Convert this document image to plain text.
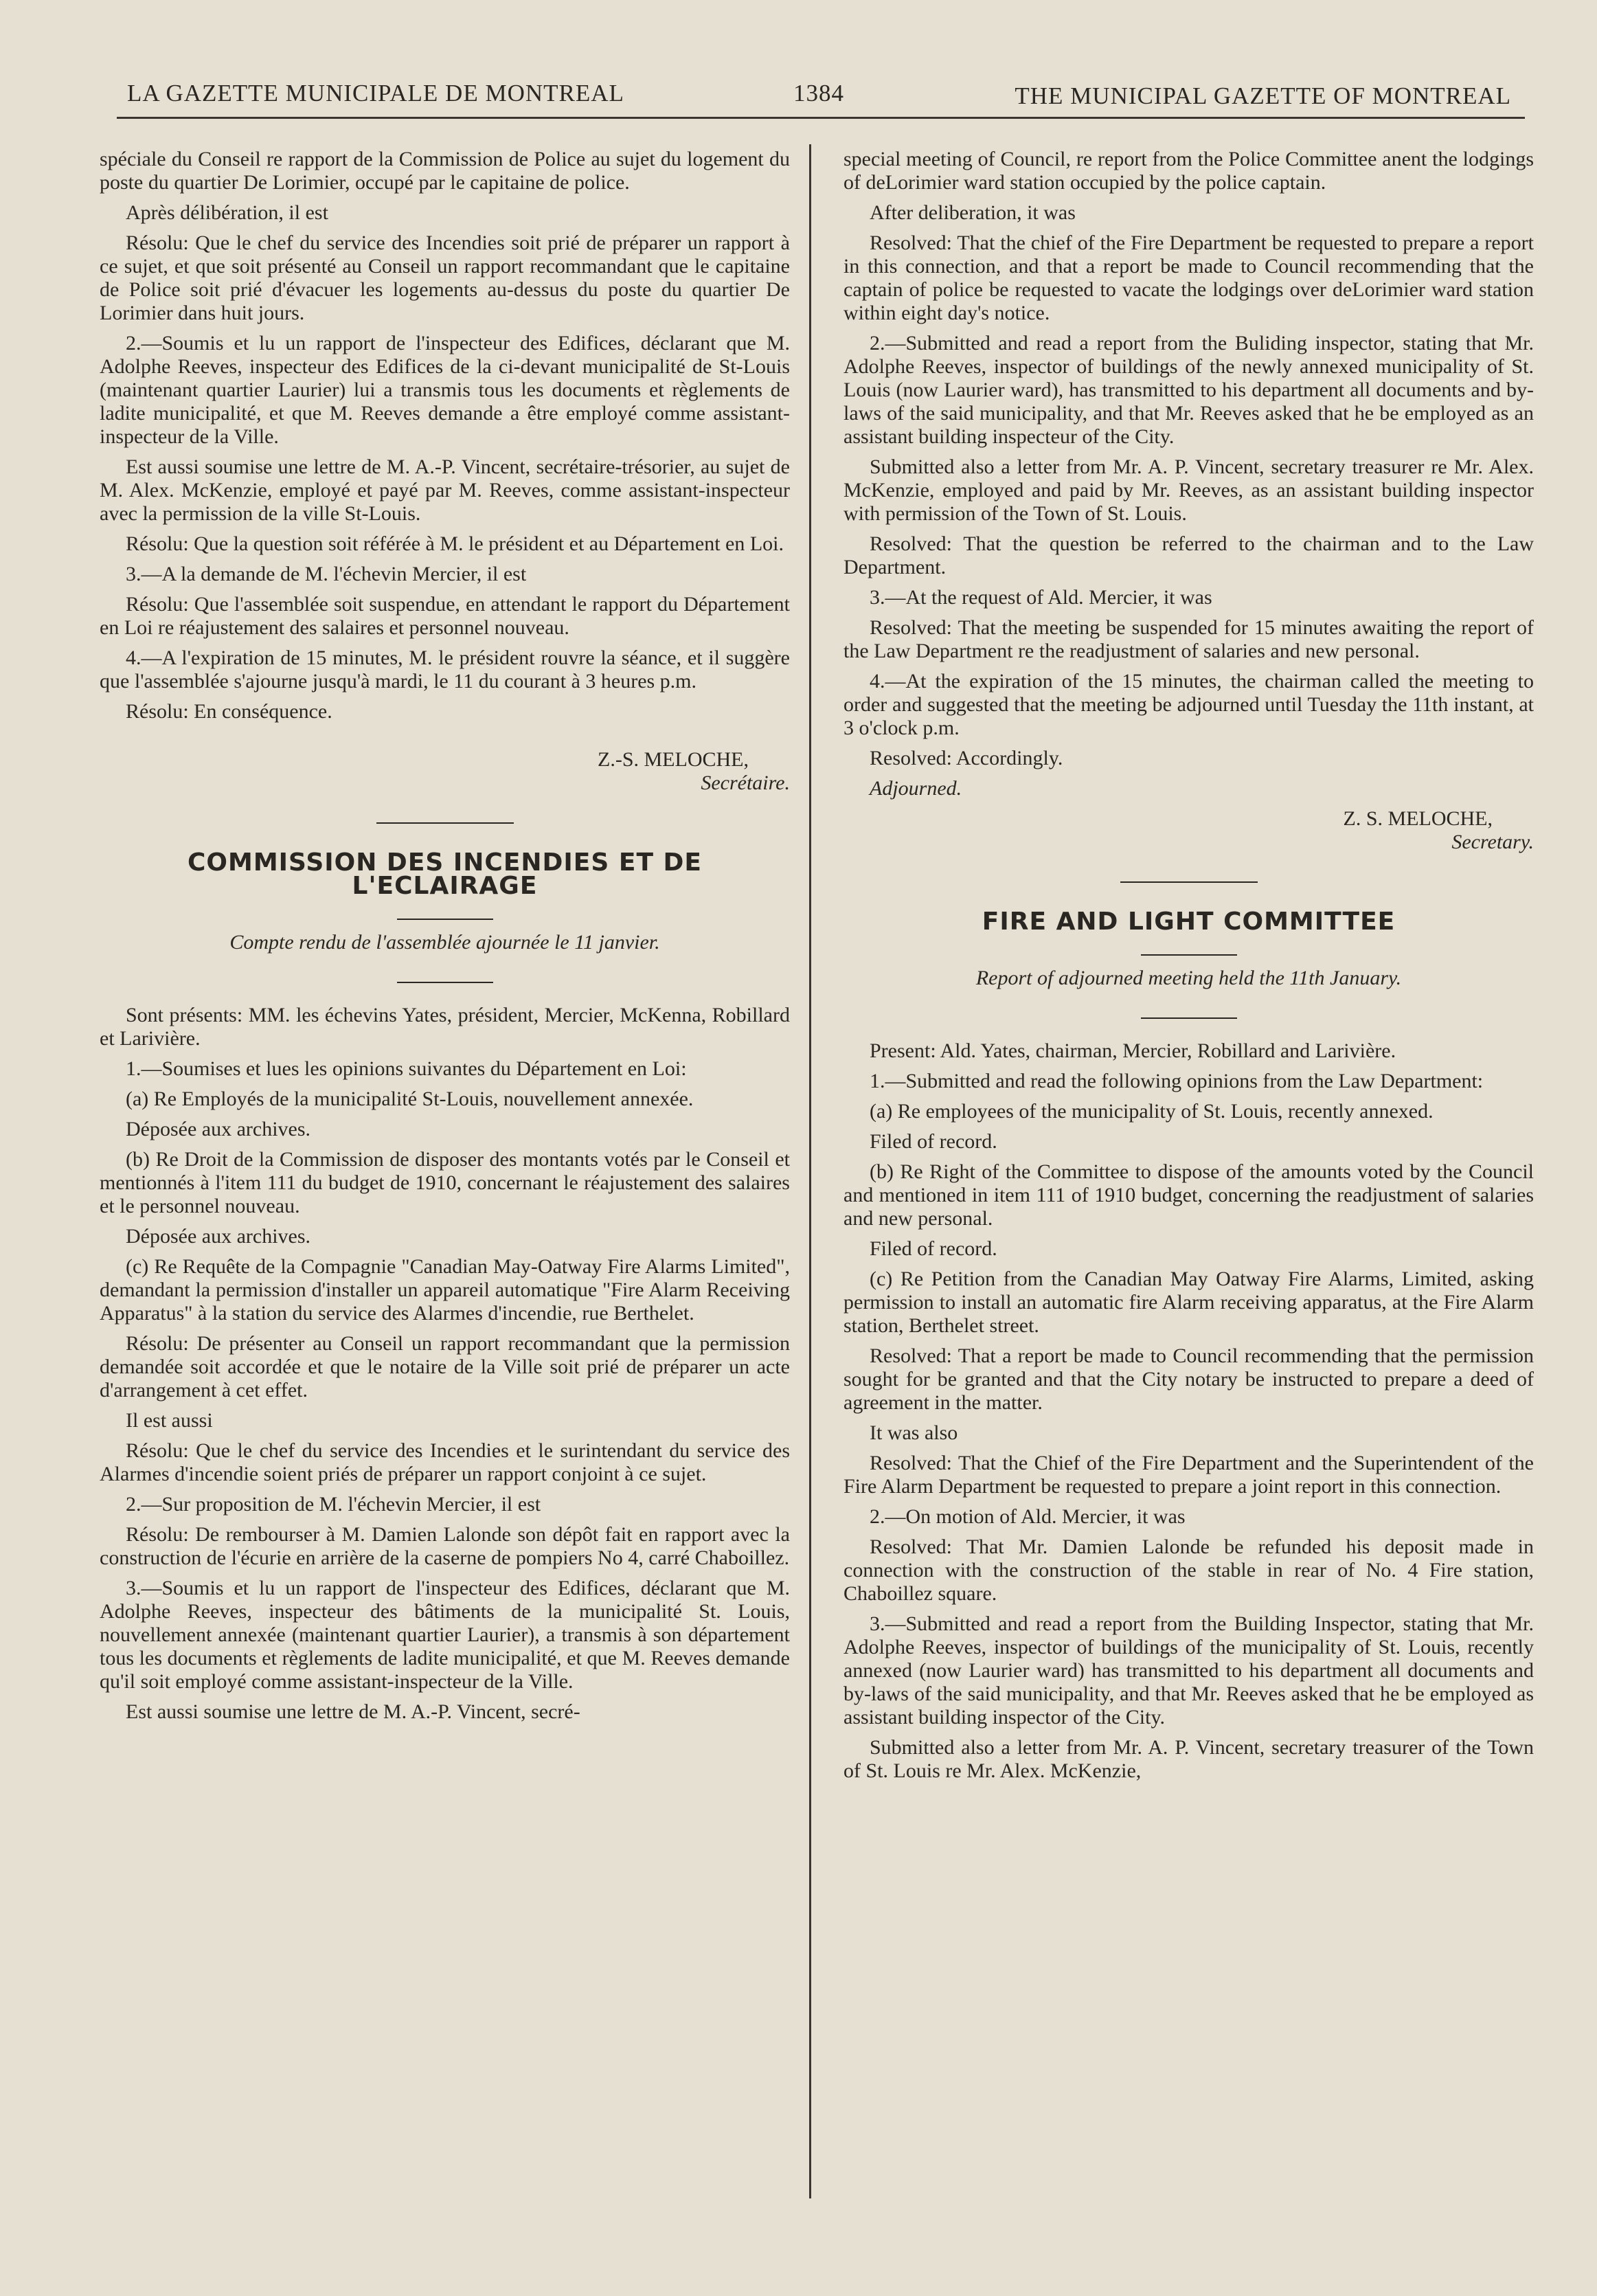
LA GAZETTE MUNICIPALE DE MONTREAL	1384	THE MUNICIPAL GAZETTE OF MONTREAL

spéciale du Conseil re rapport de la Commission de Police au sujet du logement du poste du quartier De Lorimier, occupé par le capitaine de police.

Après délibération, il est

Résolu: Que le chef du service des Incendies soit prié de préparer un rapport à ce sujet, et que soit présenté au Conseil un rapport recommandant que le capitaine de Police soit prié d'évacuer les logements au-dessus du poste du quartier De Lorimier dans huit jours.

2.—Soumis et lu un rapport de l'inspecteur des Edifices, déclarant que M. Adolphe Reeves, inspecteur des Edifices de la ci-devant municipalité de St-Louis (maintenant quartier Laurier) lui a transmis tous les documents et règlements de ladite municipalité, et que M. Reeves demande a être employé comme assistant-inspecteur de la Ville.

Est aussi soumise une lettre de M. A.-P. Vincent, secrétaire-trésorier, au sujet de M. Alex. McKenzie, employé et payé par M. Reeves, comme assistant-inspecteur avec la permission de la ville St-Louis.

Résolu: Que la question soit référée à M. le président et au Département en Loi.

3.—A la demande de M. l'échevin Mercier, il est

Résolu: Que l'assemblée soit suspendue, en attendant le rapport du Département en Loi re réajustement des salaires et personnel nouveau.

4.—A l'expiration de 15 minutes, M. le président rouvre la séance, et il suggère que l'assemblée s'ajourne jusqu'à mardi, le 11 du courant à 3 heures p.m.

Résolu: En conséquence.

Z.-S. MELOCHE,
Secrétaire.
COMMISSION DES INCENDIES ET DE L'ECLAIRAGE
Compte rendu de l'assemblée ajournée le 11 janvier.

Sont présents: MM. les échevins Yates, président, Mercier, McKenna, Robillard et Larivière.

1.—Soumises et lues les opinions suivantes du Département en Loi:

(a) Re Employés de la municipalité St-Louis, nouvellement annexée.

Déposée aux archives.

(b) Re Droit de la Commission de disposer des montants votés par le Conseil et mentionnés à l'item 111 du budget de 1910, concernant le réajustement des salaires et le personnel nouveau.

Déposée aux archives.

(c) Re Requête de la Compagnie "Canadian May-Oatway Fire Alarms Limited", demandant la permission d'installer un appareil automatique "Fire Alarm Receiving Apparatus" à la station du service des Alarmes d'incendie, rue Berthelet.

Résolu: De présenter au Conseil un rapport recommandant que la permission demandée soit accordée et que le notaire de la Ville soit prié de préparer un acte d'arrangement à cet effet.

Il est aussi

Résolu: Que le chef du service des Incendies et le surintendant du service des Alarmes d'incendie soient priés de préparer un rapport conjoint à ce sujet.

2.—Sur proposition de M. l'échevin Mercier, il est

Résolu: De rembourser à M. Damien Lalonde son dépôt fait en rapport avec la construction de l'écurie en arrière de la caserne de pompiers No 4, carré Chaboillez.

3.—Soumis et lu un rapport de l'inspecteur des Edifices, déclarant que M. Adolphe Reeves, inspecteur des bâtiments de la municipalité St. Louis, nouvellement annexée (maintenant quartier Laurier), a transmis à son département tous les documents et règlements de ladite municipalité, et que M. Reeves demande qu'il soit employé comme assistant-inspecteur de la Ville.

Est aussi soumise une lettre de M. A.-P. Vincent, secré-

special meeting of Council, re report from the Police Committee anent the lodgings of deLorimier ward station occupied by the police captain.

After deliberation, it was

Resolved: That the chief of the Fire Department be requested to prepare a report in this connection, and that a report be made to Council recommending that the captain of police be requested to vacate the lodgings over deLorimier ward station within eight day's notice.

2.—Submitted and read a report from the Buliding inspector, stating that Mr. Adolphe Reeves, inspector of buildings of the newly annexed municipality of St. Louis (now Laurier ward), has transmitted to his department all documents and by-laws of the said municipality, and that Mr. Reeves asked that he be employed as an assistant building inspecteur of the City.

Submitted also a letter from Mr. A. P. Vincent, secretary treasurer re Mr. Alex. McKenzie, employed and paid by Mr. Reeves, as an assistant building inspector with permission of the Town of St. Louis.

Resolved: That the question be referred to the chairman and to the Law Department.

3.—At the request of Ald. Mercier, it was

Resolved: That the meeting be suspended for 15 minutes awaiting the report of the Law Department re the readjustment of salaries and new personal.

4.—At the expiration of the 15 minutes, the chairman called the meeting to order and suggested that the meeting be adjourned until Tuesday the 11th instant, at 3 o'clock p.m.

Resolved: Accordingly.

Adjourned.

Z. S. MELOCHE,
Secretary.
FIRE AND LIGHT COMMITTEE
Report of adjourned meeting held the 11th January.

Present: Ald. Yates, chairman, Mercier, Robillard and Larivière.

1.—Submitted and read the following opinions from the Law Department:

(a) Re employees of the municipality of St. Louis, recently annexed.

Filed of record.

(b) Re Right of the Committee to dispose of the amounts voted by the Council and mentioned in item 111 of 1910 budget, concerning the readjustment of salaries and new personal.

Filed of record.

(c) Re Petition from the Canadian May Oatway Fire Alarms, Limited, asking permission to install an automatic fire Alarm receiving apparatus, at the Fire Alarm station, Berthelet street.

Resolved: That a report be made to Council recommending that the permission sought for be granted and that the City notary be instructed to prepare a deed of agreement in the matter.

It was also

Resolved: That the Chief of the Fire Department and the Superintendent of the Fire Alarm Department be requested to prepare a joint report in this connection.

2.—On motion of Ald. Mercier, it was

Resolved: That Mr. Damien Lalonde be refunded his deposit made in connection with the construction of the stable in rear of No. 4 Fire station, Chaboillez square.

3.—Submitted and read a report from the Building Inspector, stating that Mr. Adolphe Reeves, inspector of buildings of the municipality of St. Louis, recently annexed (now Laurier ward) has transmitted to his department all documents and by-laws of the said municipality, and that Mr. Reeves asked that he be employed as assistant building inspector of the City.

Submitted also a letter from Mr. A. P. Vincent, secretary treasurer of the Town of St. Louis re Mr. Alex. McKenzie,
